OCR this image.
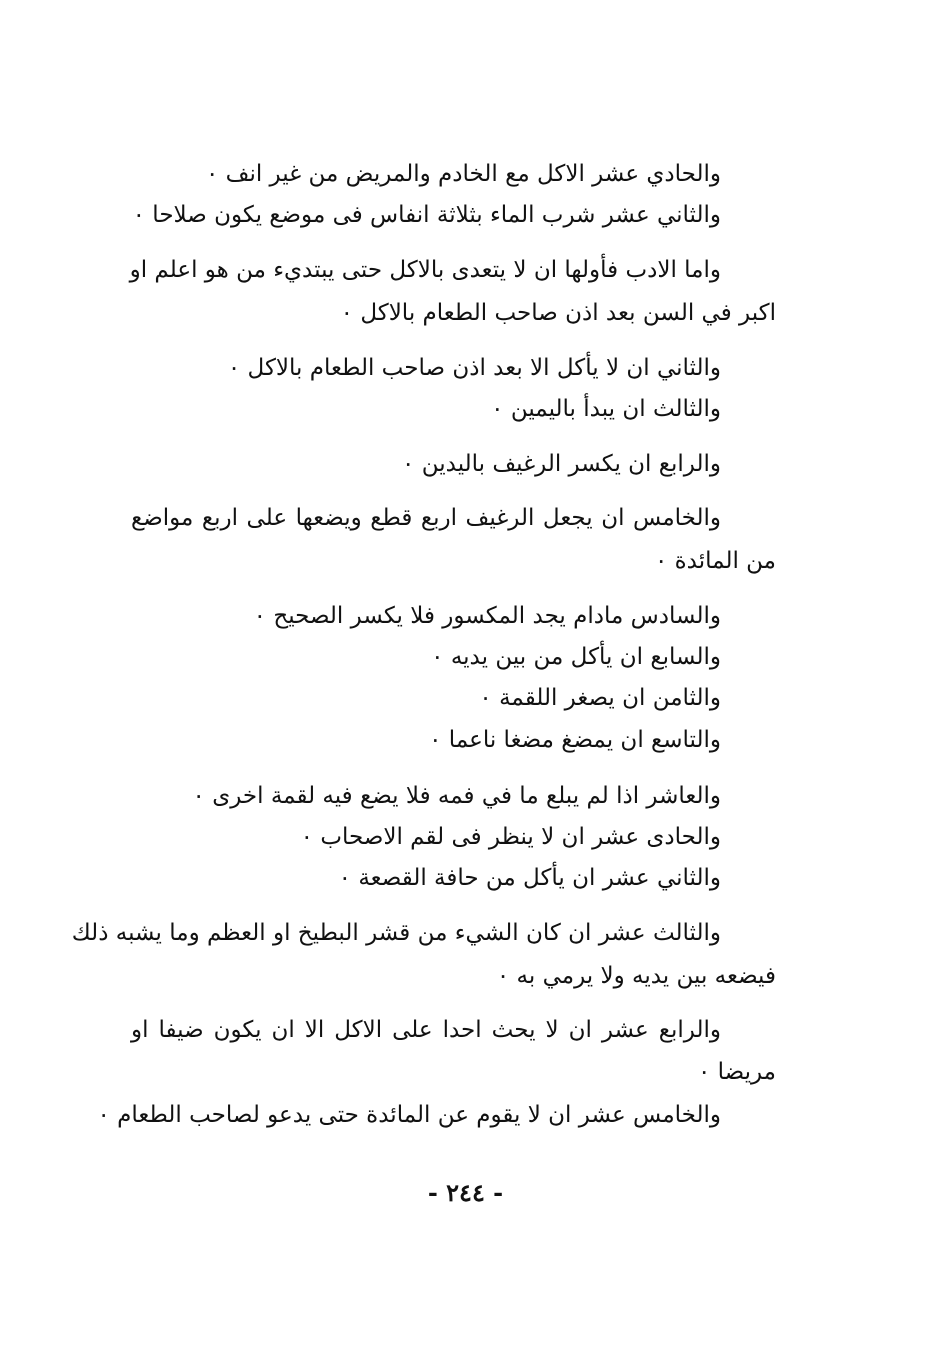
والحادي عشر الاكل مع الخادم والمريض من غير انف ٠
والثاني عشر شرب الماء بثلاثة انفاس فى موضع يكون صلاحا ٠
واما الادب فأولها ان لا يتعدى بالاكل حتى يبتديء من هو اعلم او
اكبر في السن بعد اذن صاحب الطعام بالاكل ٠
والثاني ان لا يأكل الا بعد اذن صاحب الطعام بالاكل ٠
والثالث ان يبدأ باليمين ٠
والرابع ان يكسر الرغيف باليدين ٠
والخامس ان يجعل الرغيف اربع قطع ويضعها على اربع مواضع
من المائدة ٠
والسادس مادام يجد المكسور فلا يكسر الصحيح ٠
والسابع ان يأكل من بين يديه ٠
والثامن ان يصغر اللقمة ٠
والتاسع ان يمضغ مضغا ناعما ٠
والعاشر اذا لم يبلع ما في فمه فلا يضع فيه لقمة اخرى ٠
والحادى عشر ان لا ينظر فى لقم الاصحاب ٠
والثاني عشر ان يأكل من حافة القصعة ٠
والثالث عشر ان كان الشيء من قشر البطيخ او العظم وما يشبه ذلك
فيضعه بين يديه ولا يرمي به ٠
والرابع عشر ان لا يحث احدا على الاكل الا ان يكون ضيفا او
مريضا ٠
والخامس عشر ان لا يقوم عن المائدة حتى يدعو لصاحب الطعام ٠
- ٢٤٤ -
